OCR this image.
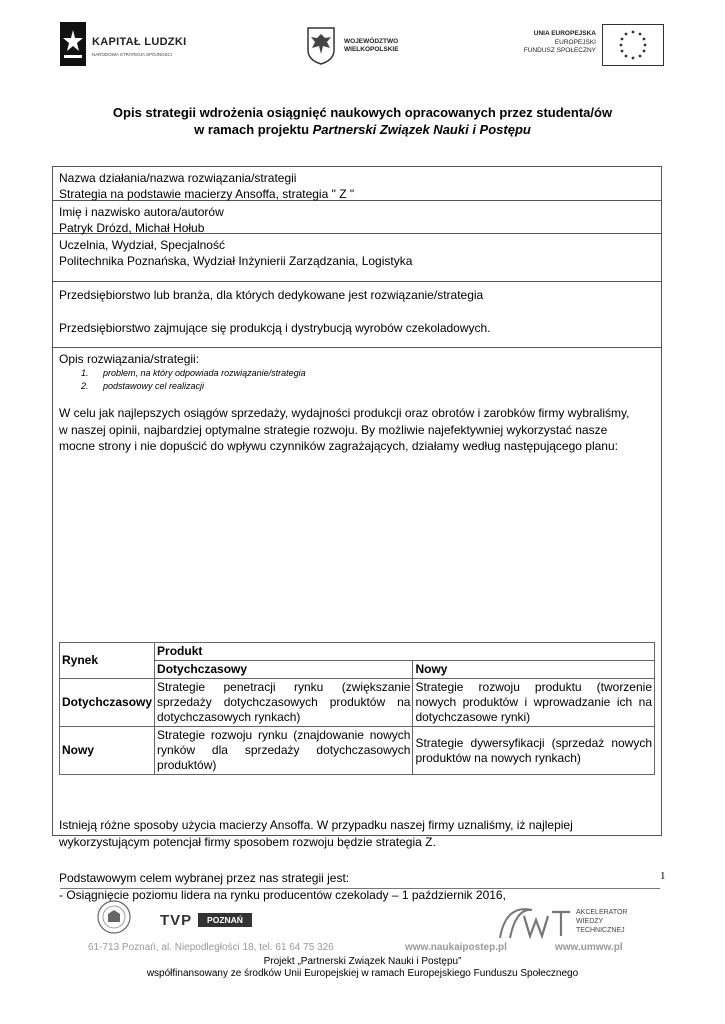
KAPITAŁ LUDZKI
NARODOWA STRATEGIA SPÓJNOŚCI
WOJEWÓDZTWO
WIELKOPOLSKIE
UNIA EUROPEJSKA
EUROPEJSKI
FUNDUSZ SPOŁECZNY
Opis strategii wdrożenia osiągnięć naukowych opracowanych przez studenta/ów
w ramach projektu Partnerski Związek Nauki i Postępu
Nazwa działania/nazwa rozwiązania/strategii
Strategia na podstawie macierzy Ansoffa, strategia " Z "
Imię i nazwisko autora/autorów
Patryk Drózd, Michał Hołub
Uczelnia, Wydział, Specjalność
Politechnika Poznańska, Wydział Inżynierii Zarządzania, Logistyka
Przedsiębiorstwo lub branża, dla których dedykowane jest rozwiązanie/strategia
Przedsiębiorstwo zajmujące się produkcją i dystrybucją wyrobów czekoladowych.
Opis rozwiązania/strategii:
1. problem, na który odpowiada rozwiązanie/strategia
2. podstawowy cel realizacji
W celu jak najlepszych osiągów sprzedaży, wydajności produkcji oraz obrotów i zarobków firmy wybraliśmy,
w naszej opinii, najbardziej optymalne strategie rozwoju. By możliwie najefektywniej wykorzystać nasze
mocne strony i nie dopuścić do wpływu czynników zagrażających, działamy według następującego planu:
Rynek	Produkt	
	Dotychczasowy	Nowy
Dotychczasowy	Strategie penetracji rynku (zwiększanie sprzedaży dotychczasowych produktów na dotychczasowych rynkach)	Strategie rozwoju produktu (tworzenie nowych produktów i wprowadzanie ich na dotychczasowe rynki)
Nowy	Strategie rozwoju rynku (znajdowanie nowych rynków dla sprzedaży dotychczasowych produktów)	Strategie dywersyfikacji (sprzedaż nowych produktów na nowych rynkach)
Istnieją różne sposoby użycia macierzy Ansoffa. W przypadku naszej firmy uznaliśmy, iż najlepiej
wykorzystującym potencjał firmy sposobem rozwoju będzie strategia Z.
Podstawowym celem wybranej przez nas strategii jest:
- Osiągnięcie poziomu lidera na rynku producentów czekolady – 1 październik 2016,
1
TVP	POZNAŃ
AKCELERATOR
WIEDZY
TECHNICZNEJ
61-713 Poznań, al. Niepodległości 18, tel. 61 64 75 326	www.naukaipostep.pl	www.umww.pl
Projekt „Partnerski Związek Nauki i Postępu”
współfinansowany ze środków Unii Europejskiej w ramach Europejskiego Funduszu Społecznego
